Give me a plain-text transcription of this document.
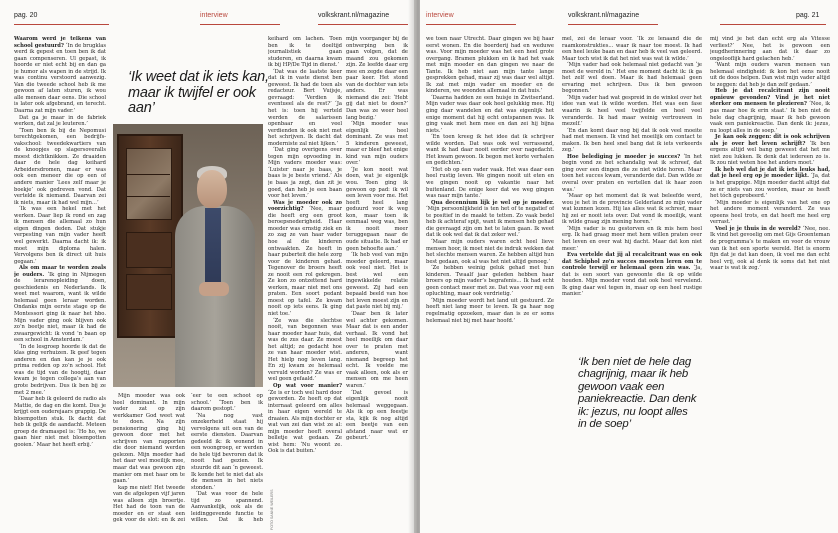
pag. 20	interview	volkskrant.nl/magazine

Waarom werd je telkens van school gestuurd? ‘In de brugklas werd ik gepest en toen ben ik dat gaan compenseren. Ul gepast, ik hoorde er niet echt bij en dan ga je humor als wapen in de strijd. Ik was continu verstoord aanwezig. Van die tweede school heb ik me gewoon af laten sturen, ik wou alle mensen daar eens. Die school is later ook afgebrand, en terecht. Daarna zat mijn vader.’

Dat ga je maar in de fabriek werken, dat zal je leuteren.’

‘Toen ben ik bij de Nepomusi terechtgekomen, een bedrijfsvakschool: tweedekwartiers van de knoopjes op slagersoveralls moest dichtknikken. Ze draaiden daar de hele dag keihard Arbeidersdromen, maar er was ook een meneer die op een of andere manier ‘Lees zelf maar je boekje’ ook gedreven vond. Dat vertelde ik niemand. Daarvan zei ik niets, maar ik had wel mijn...’

‘Ik was een hekel met het werken. Daar liep ik rond en zag ik mensen die allemaal zo hun eigen dingen deden. Dat stukje verpesting van mijn vader heeft wel gewerkt. Daarna dacht ik: ik moet mijn diploma halen. Vervolgens ben ik direct uit huis gegaan.’

Als om maar te worden zoals je ouders. ‘Ik ging in Nijmegen de lerarenopleiding doen, geschiedenis en Nederlands. Ik weet met waarom, want ik wilde helemaal geen leraar worden. Ondanks mijn eerste stage op de Montessori ging ik naar het hbo. Mijn vader ging ook blijven ook zo’n beetje niet, maar ik had de zwaargewicht: ik vond ’n baan op een school in Amsterdam.’

‘In de lesgroep hoorde ik dat de klas ging verhuizen. Ik geef tegen anderen en dan kan je je ook prima redden op zo’n school. Het was de tijd van de hoogtij, daar kwam je tegen collega’s aan van grote bedrijven. Dus ik ben bij ze met 2 mee.’

‘Daar heb ik geleerd de radio als Mattie, de dag en die komt. Dus je krijgt een ouderejaars grappig. De bloempotten stuk. Ik dacht dat heb ik gelijk de aandacht. Meteen groep de dramaspel is: ‘Ho ho, we gaan hier niet met bloempotten gooien.’ Maar het heeft erbij.’

‘Ik weet dat ik iets kan, maar ik twijfel er ook aan’
FOTO SANNE WEILERS

Mijn moeder was ook heel dominant. In mijn vader zat op zijn werkkamer God weet wat te doen. Na zijn pensionering ging hij gewoon door met het schrijven van rapporten die door niemand werden gelezen. Mijn moeder had het daar wel moeilijk mee, maar dat was gewoon zijn manier om met haar om te gaan.’

kap me niet! Het tweede van de afgelopen vijf jaren was alleen zijn broertje. Het had de toon van de moeder en er staat een gek voor de slot: en ik zei ‘eer te een schoot op school.’ ‘Toen ben ik daarom gestopt.’

‘Na nog vast onzekerheid staat hij vervolgens uit een van de eerste diensten. Daarvan gedeeld ik: ik wonend in een woongroep, er werden de hele tijd bevroren dat ik nooit had gezien. Ik stuurde dit aan ‘n geweest. Ik kende het te niet dat als de mensen in het niets stonden.’

‘Dat was voor de hele tijd zo spannend. Aanvankelijk, ook als de leidinggevende functie te willen. Dat ik heb

keihard om lachen. Toen ben ik te doeltijd journalistiek gaan studeren, en daarna kwam ik bij HP/De Tijd in dienst.’

‘Dat was de laatste keer dat ik in vaste dienst ben geweest. Ik had de toen als redacteur. Bert Vuijsje, gevraagd: ‘Verdien ik eventueel als de rest?’ ‘Ja het is: toen hij verteld werden de salarissen openbaar en veel verdienden ik ook niet met het schrijven. Ik dacht dat moderniste zal niet lijken.’

‘Dat ging overigens over tegen mijn opvoeding in. Mijn vaders moeder was: ‘Luister naar je baas, je baas is je beste vriend.’ Als je baas ja zegt, dan zit je goed, dan heb je een baan voor het leven.’

Was je moeder ook zo voorzichtig? ‘Nee, maar die heeft erg een groot beroepsnederigheid. Haar moeder was ernstig ziek en zo zag ze van haar vader hoe al die kinderen ontwaakten. Ze heeft in haar puberteit die hele zorg voor de kinderen gehad. Tegenover de broers heeft ze nooit een rol gekregen. Ze kon zo ontzettend hard werken, maar niet met ons praten. Een soort pedant moest op tafel. Ze kwam nooit op iets eens. Ik ging niet toe.’

‘Ze was die slechtse nooit, van begonnen was haar moeder haar huis, dat was de zus daar. Ze moest het altijd; ze gedacht hoe ze van haar moeder wist. Het hielp nog leven lang. En zij kwam ze helemaal vervuld worden? Ze was er wel geen gefaald.’

Op wat voor manier? ‘Ze is er toch wel hard door geworden. Ze heeft op dat internaat geleerd om alles in haar eigen wereld te draaien. Als mijn dochter er wat van zei dan wist ze al: mijn moeder heeft overal belletje wat gedaan. Ze wist hem: ‘Nu woont ze. Ook is dat buiten.’

mijn voorganger bij de ontwerping ben ik gaan volgen, dat de maand zou gekomen zijn. Ze leefde daar erg mee en zegde daar een paar keer. Het stond van de dochter van iets anders. Er was niemand die zei: ‘Hebt gij dat niet te doen?’ Dan was ze weer heel lang bezig.’

‘Mijn moeder was eigenlijk heel dominant. Ze was met 5 kinderen geweest, maar er bleef het enige kind van mijn ouders over.’

‘Je kon nooit wat doen, wat je eigenlijk wou. Toen ging ik gewoon op pad: ik wil een leven voor me. Het heeft heel lang geduurd voor ik weg kon, maar toen ik eenmaal weg was, ben ik nooit meer teruggegaan naar de oude situatie. Ik had er geen behoefte aan.’

‘Ik heb veel van mijn moeder geleerd, maar ook veel niet. Het is best wel een ingewikkelde relatie geweest. Zij had een bepaald beeld van hoe het leven moest zijn en dat paste niet bij mij.’

‘Daar ben ik later wel achter gekomen. Maar dat is een ander verhaal. Ik vond het heel moeilijk om daar over te praten met anderen, want niemand begreep het echt. Ik voelde me vaak alleen, ook als er mensen om me heen waren.’

‘Dat gevoel is eigenlijk nooit helemaal weggegaan. Als ik op een feestje sta, kijk ik nog altijd een beetje van een afstand naar wat er gebeurt.’

interview	volkskrant.nl/magazine	pag. 21

we toen naar Utrecht. Daar gingen we bij haar eerst wonen. En die boerderij had en weduwe was. Voor mijn moeder was het een heel grote overgang. Bramen plukken en ik had het vaak met mijn moeder en dan gingen we naar de Tante. Ik heb niet aan mijn tante lange gesprekken gehad, maar zij was daar wel altijd. Ik zat met mijn vader en moeder en de kinderen, we woonden allemaal in dat huis.’

‘Daarna hadden ze een huisje in Zwitserland. Mijn vader was daar ook heel gelukkig mee. Hij ging daar wandelen en dat was eigenlijk het enige moment dat hij echt ontspannen was. Ik ging vaak met hem mee en dan zei hij bijna niets.’

‘En toen kreeg ik het idee dat ik schrijver wilde worden. Dat was ook wel verrassend, want ik had daar nooit eerder over nagedacht. Het kwam gewoon. Ik begon met korte verhalen en gedichten.’

‘Het ob op een vader vaak. Het was daar een heel rustig leven. We gingen nooit uit eten en we gingen nooit op vakantie naar het buitenland. De enige keer dat we weg gingen was naar mijn tante.’

Qua decennium lijk je wel op je moeder. ‘Mijn persoonlijkheid is ten het of te negatief of te positief in de maakt te tetten. Zo vaak bedel heb ik achteraf spijt, want ik mensen heb gehad die gevraagd zijn om het te laten gaan. Ik weet dat ik ook wel dat ik dat zeker wel.’

‘Maar mijn ouders waren echt heel lieve mensen hoor, ik moet niet de indruk wekken dat het slechte mensen waren. Ze hebben altijd hun best gedaan, ook al was het niet altijd genoeg.’

‘Ze hebben weinig geluk gehad met hun kinderen. Twaalf jaar geleden hebben haar broers op mijn vader’s begrafenis... Ik had echt geen contact meer met ze. Dat was voor mij een opluchting, maar ook verdrietig.’

‘Mijn moeder wordt het land uit gestuurd. Ze heeft niet lang meer te leven. Ik ga haar nog regelmatig opzoeken, maar dan is ze er soms helemaal niet bij met haar hoofd.’

mel, zei de leraar voor. ‘Ik ze lenaand die de raamkonstrukties... waar ik naar toe moest. Ik had een heel leuke baan en daar heb ik veel van geleerd. Maar toch wist ik dat het niet was wat ik wilde.’

‘Mijn vader had ook helemaal niet gedacht van ‘je moet de wereld in.’ Het ene moment dacht ik: ik ga het zelf wel doen. Maar ik had helemaal geen ervaring met schrijven. Dus ik ben gewoon begonnen.’

‘Mijn vader had wat gespreid in de winkel over het idee van wat ik wilde worden. Het was een fase waarin ik heel veel twijfelde en heel veel veranderde. Ik had maar weinig vertrouwen in mezelf.’

‘En dan komt daar nog bij dat ik ook veel moeite had met mensen. Ik vind het moeilijk om contact te maken. Ik ben heel snel bang dat ik iets verkeerds zeg.’

Hoe belediging je moeder je succes? ‘In het begin vond ze het schandalig wat ik schreef, dat ging over een dingen die ze niet wilde horen. Maar toen het succes kwam, veranderde dat. Dan wilde ze overal over praten en vertellen dat ik haar zoon was.’

‘Maar op het moment dat ik wat beleefde werd, wou je het in de provincie Gelderland zo mijn vader wat kunnen lezen. Hij las alles wat ik schreef, maar hij zei er nooit iets over. Dat vond ik moeilijk, want ik wilde graag zijn mening horen.’

‘Mijn vader is nu gestorven en ik mis hem heel erg. Ik had graag meer met hem willen praten over het leven en over wat hij dacht. Maar dat kon niet meer.’

Eva vertelde dat jij al recalcitrant was en ook dat Schiphol zo'n succes moesten leren om te controle terwijl er helemaal geen zin was. ‘Ja, dat is een soort van gewoonte die ik op wilde houden. Mijn moeder vond dat ook heel vervelend. Ik ging daar wel tegen in, maar op een heel rustige manier.’

‘Ik ben niet de hele dag chagrijnig, maar ik heb gewoon vaak een paniekreactie. Dan denk ik: jezus, nu loopt alles in de soep’

mij vind je het dan echt erg als Vitesse verliest?’ Nee, het is gewoon een jeugdherinnering aan dat ik daar zo ongelooflijk hard gelachen heb.’

‘Want mijn ouders waren mensen van helemaal eindigheid: ik kon het eens nooit uit de doos helpen. Dan wist mijn vader altijd te zeggen: dat heb je dan zelf gedaan.’

Heb je dat recalcitrant zijn nooit opnieuw gevonden? Vind je het niet sterker om mensen te plezieren? ‘Nee, ik pas maar hoe ik erin staat.’ Ik ben niet de hele dag chagrijnig, maar ik heb gewoon vaak een paniekreactie. Dan denk ik: jezus, nu loopt alles in de soep.’

Je kan ook zeggen: dit is ook schrijven als je over het leven schrijft? ‘Ik ben ergens altijd wel bang geweest dat het me niet zou lukken. Ik denk dat iedereen zo is. Ik zou niet weten hoe het anders moet.’

Ik heb wel dat je dat ik iets leuks had, dat je heel erg op je moeder lijkt. ‘Ja, dat is het grappige. Mijn moeder dacht altijd dat ze er niets van zou worden, maar ze heeft het tóch geprobeerd.’

‘Mijn moeder is eigenlijk van het ene op het andere moment veranderd. Ze was opeens heel trots, en dat heeft me heel erg verrast.’

Voel je je thuis in de wereld? ‘Nee, nee. Ik vind het gevoelig om met Gijs Groenteman de programma’s te maken en voor de vrouw van ik het een sporte wereld. Het is enorm fijn dat je dat kan doen, ik voel me dan echt heel vrij, ook al denk ik soms dat het niet waar is wat ik zeg.’
